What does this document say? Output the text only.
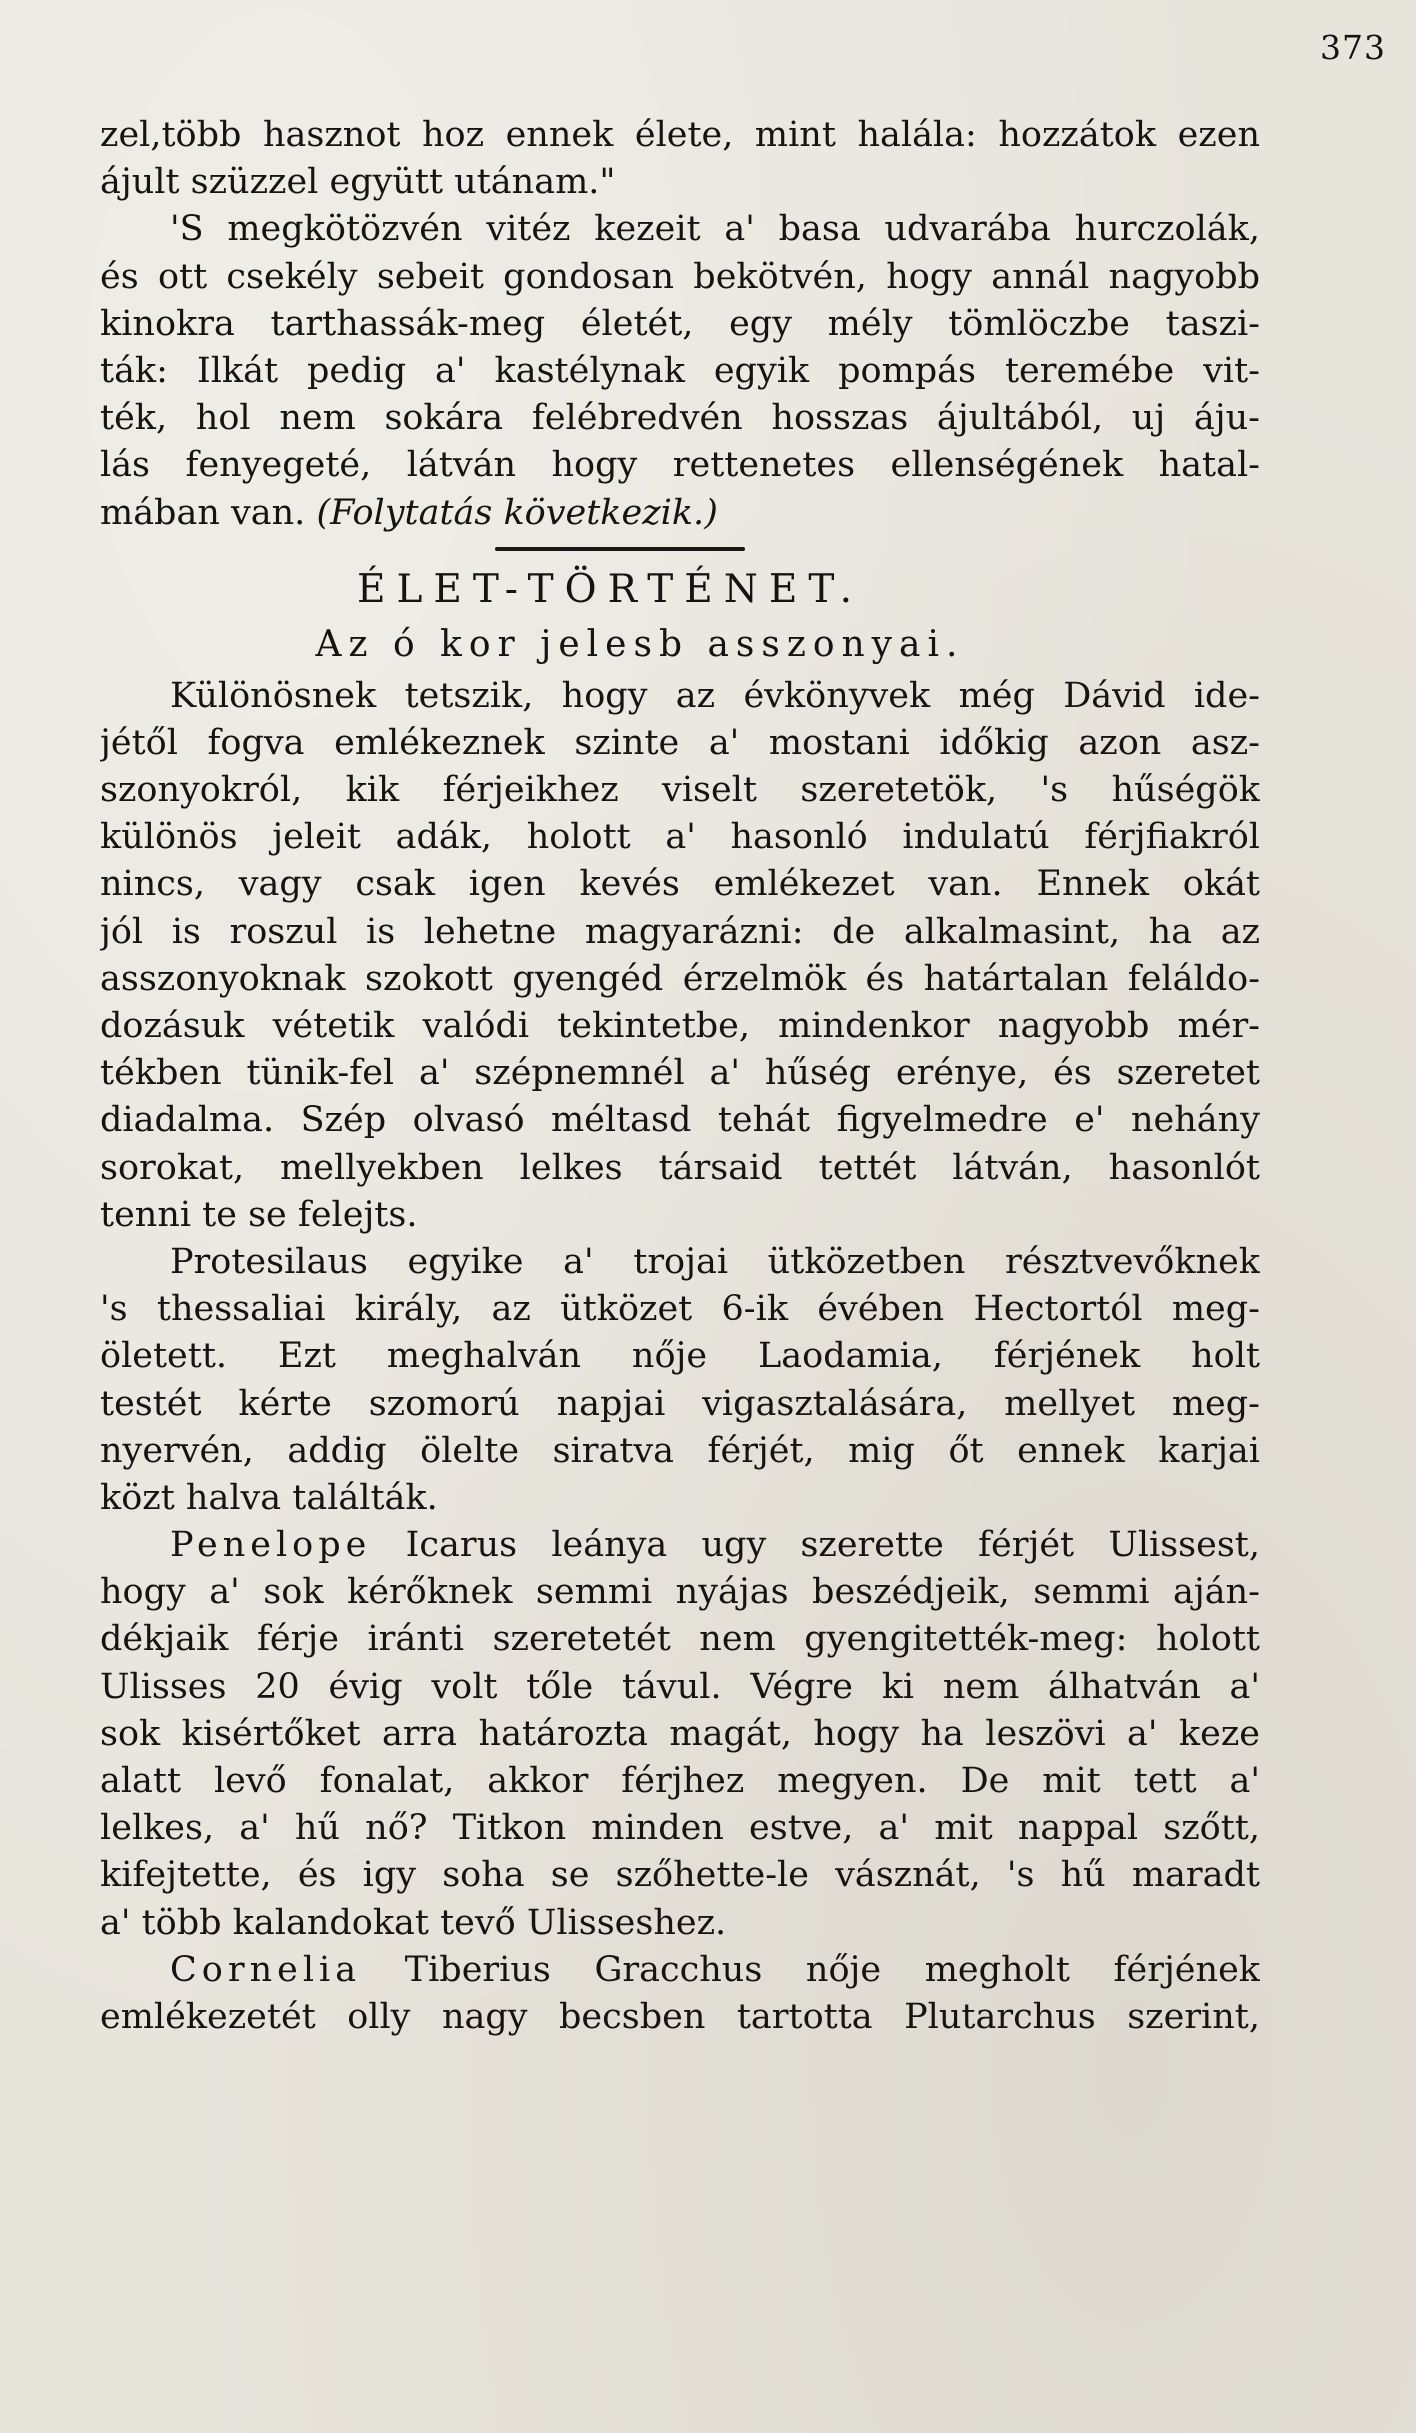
373
zel,több hasznot hoz ennek élete, mint halála: hozzátok ezen
ájult szüzzel együtt utánam."
'S megkötözvén vitéz kezeit a' basa udvarába hurczolák,
és ott csekély sebeit gondosan bekötvén, hogy annál nagyobb
kinokra tarthassák-meg életét, egy mély tömlöczbe taszi-
ták: Ilkát pedig a' kastélynak egyik pompás teremébe vit-
ték, hol nem sokára felébredvén hosszas ájultából, uj áju-
lás fenyegeté, látván hogy rettenetes ellenségének hatal-
mában van. (Folytatás következik.)
ÉLET-TÖRTÉNET.
Az ó kor jelesb asszonyai.
Különösnek tetszik, hogy az évkönyvek még Dávid ide-
jétől fogva emlékeznek szinte a' mostani időkig azon asz-
szonyokról, kik férjeikhez viselt szeretetök, 's hűségök
különös jeleit adák, holott a' hasonló indulatú férjfiakról
nincs, vagy csak igen kevés emlékezet van. Ennek okát
jól is roszul is lehetne magyarázni: de alkalmasint, ha az
asszonyoknak szokott gyengéd érzelmök és határtalan feláldo-
dozásuk vétetik valódi tekintetbe, mindenkor nagyobb mér-
tékben tünik-fel a' szépnemnél a' hűség erénye, és szeretet
diadalma. Szép olvasó méltasd tehát figyelmedre e' nehány
sorokat, mellyekben lelkes társaid tettét látván, hasonlót
tenni te se felejts.
Protesilaus egyike a' trojai ütközetben résztvevőknek
's thessaliai király, az ütközet 6-ik évében Hectortól meg-
öletett. Ezt meghalván nője Laodamia, férjének holt
testét kérte szomorú napjai vigasztalására, mellyet meg-
nyervén, addig ölelte siratva férjét, mig őt ennek karjai
közt halva találták.
Penelope Icarus leánya ugy szerette férjét Ulissest,
hogy a' sok kérőknek semmi nyájas beszédjeik, semmi aján-
dékjaik férje iránti szeretetét nem gyengitették-meg: holott
Ulisses 20 évig volt tőle távul. Végre ki nem álhatván a'
sok kisértőket arra határozta magát, hogy ha leszövi a' keze
alatt levő fonalat, akkor férjhez megyen. De mit tett a'
lelkes, a' hű nő? Titkon minden estve, a' mit nappal szőtt,
kifejtette, és igy soha se szőhette-le vásznát, 's hű maradt
a' több kalandokat tevő Ulisseshez.
Cornelia Tiberius Gracchus nője megholt férjének
emlékezetét olly nagy becsben tartotta Plutarchus szerint,
